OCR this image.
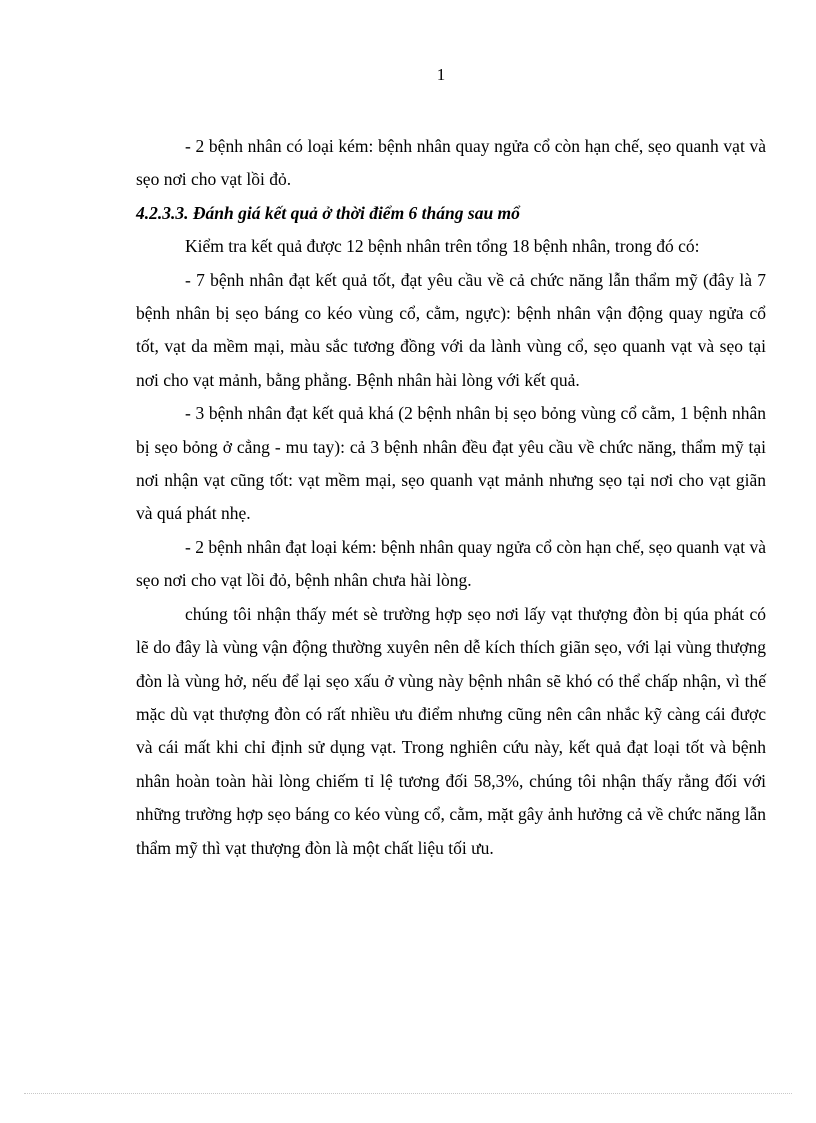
1

- 2 bệnh nhân có loại kém: bệnh nhân quay ngửa cổ còn hạn chế, sẹo quanh vạt và sẹo nơi cho vạt lồi đỏ.

4.2.3.3. Đánh giá kết quả ở thời điểm 6 tháng sau mổ

Kiểm tra kết quả được 12 bệnh nhân trên tổng 18 bệnh nhân, trong đó có:

- 7 bệnh nhân đạt kết quả tốt, đạt yêu cầu về cả chức năng lẫn thẩm mỹ (đây là 7 bệnh nhân bị sẹo báng co kéo vùng cổ, cằm, ngực): bệnh nhân vận động quay ngửa cổ tốt, vạt da mềm mại, màu sắc tương đồng với da lành vùng cổ, sẹo quanh vạt và sẹo tại nơi cho vạt mảnh, bằng phẳng. Bệnh nhân hài lòng với kết quả.

- 3 bệnh nhân đạt kết quả khá (2 bệnh nhân bị sẹo bỏng vùng cổ cằm, 1 bệnh nhân bị sẹo bỏng ở cẳng - mu tay): cả 3 bệnh nhân đều đạt yêu cầu về chức năng, thẩm mỹ tại nơi nhận vạt cũng tốt: vạt mềm mại, sẹo quanh vạt mảnh nhưng sẹo tại nơi cho vạt giãn và quá phát nhẹ.

- 2 bệnh nhân đạt loại kém: bệnh nhân quay ngửa cổ còn hạn chế, sẹo quanh vạt và sẹo nơi cho vạt lồi đỏ, bệnh nhân chưa hài lòng.

chúng tôi nhận thấy mét sè trường hợp sẹo nơi lấy vạt thượng đòn bị qúa phát có lẽ do đây là vùng vận động thường xuyên nên dễ kích thích giãn sẹo, với lại vùng thượng đòn là vùng hở, nếu để lại sẹo xấu ở vùng này bệnh nhân sẽ khó có thể chấp nhận, vì thế mặc dù vạt thượng đòn có rất nhiều ưu điểm nhưng cũng nên cân nhắc kỹ càng cái được và cái mất khi chỉ định sử dụng vạt. Trong nghiên cứu này, kết quả đạt loại tốt và bệnh nhân hoàn toàn hài lòng chiếm tỉ lệ tương đối 58,3%, chúng tôi nhận thấy rằng đối với những trường hợp sẹo báng co kéo vùng cổ, cằm, mặt gây ảnh hưởng cả về chức năng lẫn thẩm mỹ thì vạt thượng đòn là một chất liệu tối ưu.
